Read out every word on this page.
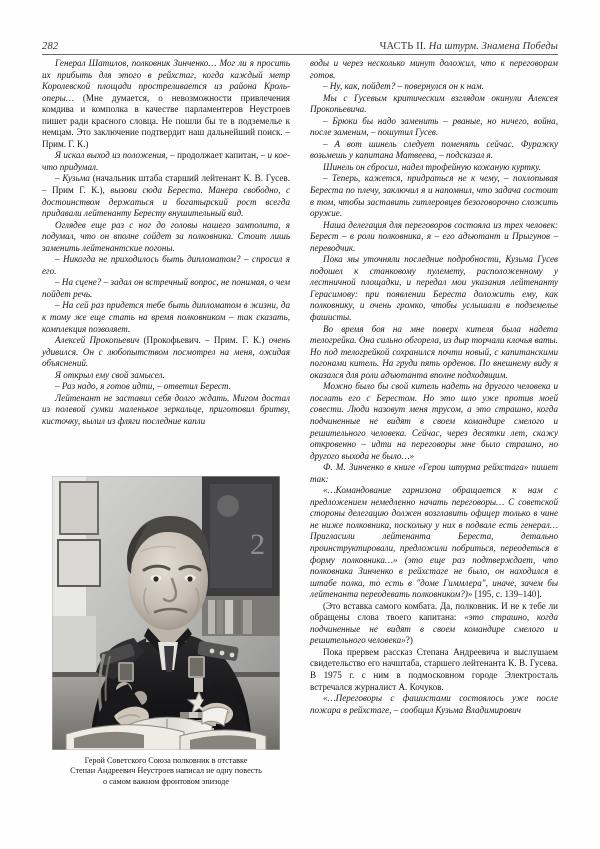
282	ЧАСТЬ II. На штурм. Знамена Победы

Генерал Шатилов, полковник Зинченко… Мог ли я просить их прибыть для этого в рейхстаг, когда каждый метр Королевской площади простреливается из района Кроль-оперы… (Мне думается, о невозможности привлечения комдива и комполка в качестве парламентеров Неустроев пишет ради красного словца. Не пошли бы те в подземелье к немцам. Это заключение подтвердит наш дальнейший поиск. – Прим. Г. К.)

Я искал выход из положения, – продолжает капитан, – и кое-что придумал.

– Кузьма (начальник штаба старший лейтенант К. В. Гусев. – Прим Г. К.), вызови сюда Береста. Манера свободно, с достоинством держаться и богатырский рост всегда придавали лейтенанту Бересту внушительный вид.

Оглядев еще раз с ног до головы нашего замполита, я подумал, что он вполне сойдет за полковника. Стоит лишь заменить лейтенантские погоны.

– Никогда не приходилось быть дипломатом? – спросил я его.

– На сцене? – задал он встречный вопрос, не понимая, о чем пойдет речь.

– На сей раз придется тебе быть дипломатом в жизни, да к тому же еще стать на время полковником – так сказать, комплекция позволяет.

Алексей Прокопьевич (Прокофьевич. – Прим. Г. К.) очень удивился. Он с любопытством посмотрел на меня, ожидая объяснений.

Я открыл ему свой замысел.

– Раз надо, я готов идти, – ответил Берест.

Лейтенант не заставил себя долго ждать. Мигом достал из полевой сумки маленькое зеркальце, приготовил бритву, кисточку, вылил из фляги последние капли

2
Герой Советского Союза полковник в отставке
Степан Андреевич Неустроев написал не одну повесть
о самом важном фронтовом эпизоде

воды и через несколько минут доложил, что к переговорам готов.

– Ну, как, пойдет? – повернулся он к нам.

Мы с Гусевым критическим взглядом окинули Алексея Прокопьевича.

– Брюки бы надо заменить – рваные, но ничего, война, после заменим, – пошутил Гусев.

– А вот шинель следует поменять сейчас. Фуражку возьмешь у капитана Матвеева, – подсказал я.

Шинель он сбросил, надел трофейную кожаную куртку.

– Теперь, кажется, придраться не к чему, – похлопывая Береста по плечу, заключил я и напомнил, что задача состоит в том, чтобы заставить гитлеровцев безоговорочно сложить оружие.

Наша делегация для переговоров состояла из трех человек: Берест – в роли полковника, я – его адъютант и Прыгунов – переводчик.

Пока мы уточняли последние подробности, Кузьма Гусев подошел к станковому пулемету, расположенному у лестничной площадки, и передал мои указания лейтенанту Герасимову: при появлении Береста доложить ему, как полковнику, и очень громко, чтобы услышали в подземелье фашисты.

Во время боя на мне поверх кителя была надета телогрейка. Она сильно обгорела, из дыр торчали клочья ваты. Но под телогрейкой сохранился почти новый, с капитанскими погонами китель. На груди пять орденов. По внешнему виду я оказался для роли адъютанта вполне подходящим.

Можно было бы свой китель надеть на другого человека и послать его с Берестом. Но это шло уже против моей совести. Люди назовут меня трусом, а это страшно, когда подчиненные не видят в своем командире смелого и решительного человека. Сейчас, через десятки лет, скажу откровенно – идти на переговоры мне было страшно, но другого выхода не было…»

Ф. М. Зинченко в книге «Герои штурма рейхстага» пишет так:

«…Командование гарнизона обращается к нам с предложением немедленно начать переговоры… С советской стороны делегацию должен возглавить офицер только в чине не ниже полковника, поскольку у них в подвале есть генерал… Пригласили лейтенанта Береста, детально проинструктировали, предложили побриться, переодеться в форму полковника…» (это еще раз подтверждает, что полковника Зинченко в рейхстаге не было, он находился в штабе полка, то есть в "доме Гиммлера", иначе, зачем бы лейтенанта переодевать полковником?)» [195, с. 139–140].

(Это вставка самого комбата. Да, полковник. И не к тебе ли обращены слова твоего капитана: «это страшно, когда подчиненные не видят в своем командире смелого и решительного человека»?)

Пока прервем рассказ Степана Андреевича и выслушаем свидетельство его начштаба, старшего лейтенанта К. В. Гусева. В 1975 г. с ним в подмосковном городе Электросталь встречался журналист А. Кочуков.

«…Переговоры с фашистами состоялось уже после пожара в рейхстаге, – сообщил Кузьма Владимирович
